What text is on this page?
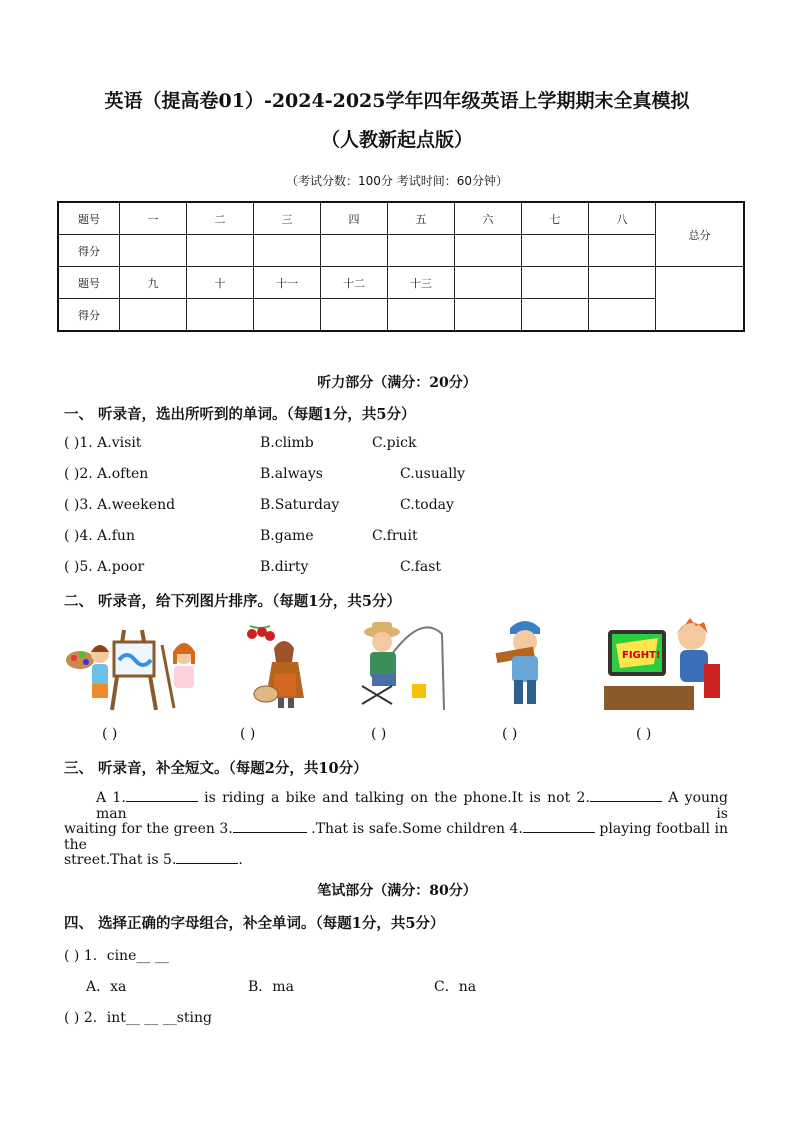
英语（提高卷01）-2024-2025学年四年级英语上学期期末全真模拟
（人教新起点版）
（考试分数：100分 考试时间：60分钟）
题号	一	二	三	四	五	六	七	八	总分
得分									
题号	九	十	十一	十二	十三				
得分									
听力部分（满分：20分）
一、 听录音，选出所听到的单词。（每题1分，共5分）
( )1. A.visit	B.climb	C.pick
( )2. A.often	B.always	C.usually
( )3. A.weekend	B.Saturday	C.today
( )4. A.fun	B.game	C.fruit
( )5. A.poor	B.dirty	C.fast
二、 听录音，给下列图片排序。（每题1分，共5分）
FIGHT!
( )	( )	( )	( )	( )
三、 听录音，补全短文。（每题2分，共10分）
A 1.	is riding a bike and talking on the phone.It is not 2.	A young man is
waiting for the green 3.	.That is safe.Some children 4.	playing football in the
street.That is 5.	.
笔试部分（满分：80分）
四、 选择正确的字母组合，补全单词。（每题1分，共5分）
( ) 1．cine__ __
A．xa	B．ma	C．na
( ) 2．int__ __ __sting
